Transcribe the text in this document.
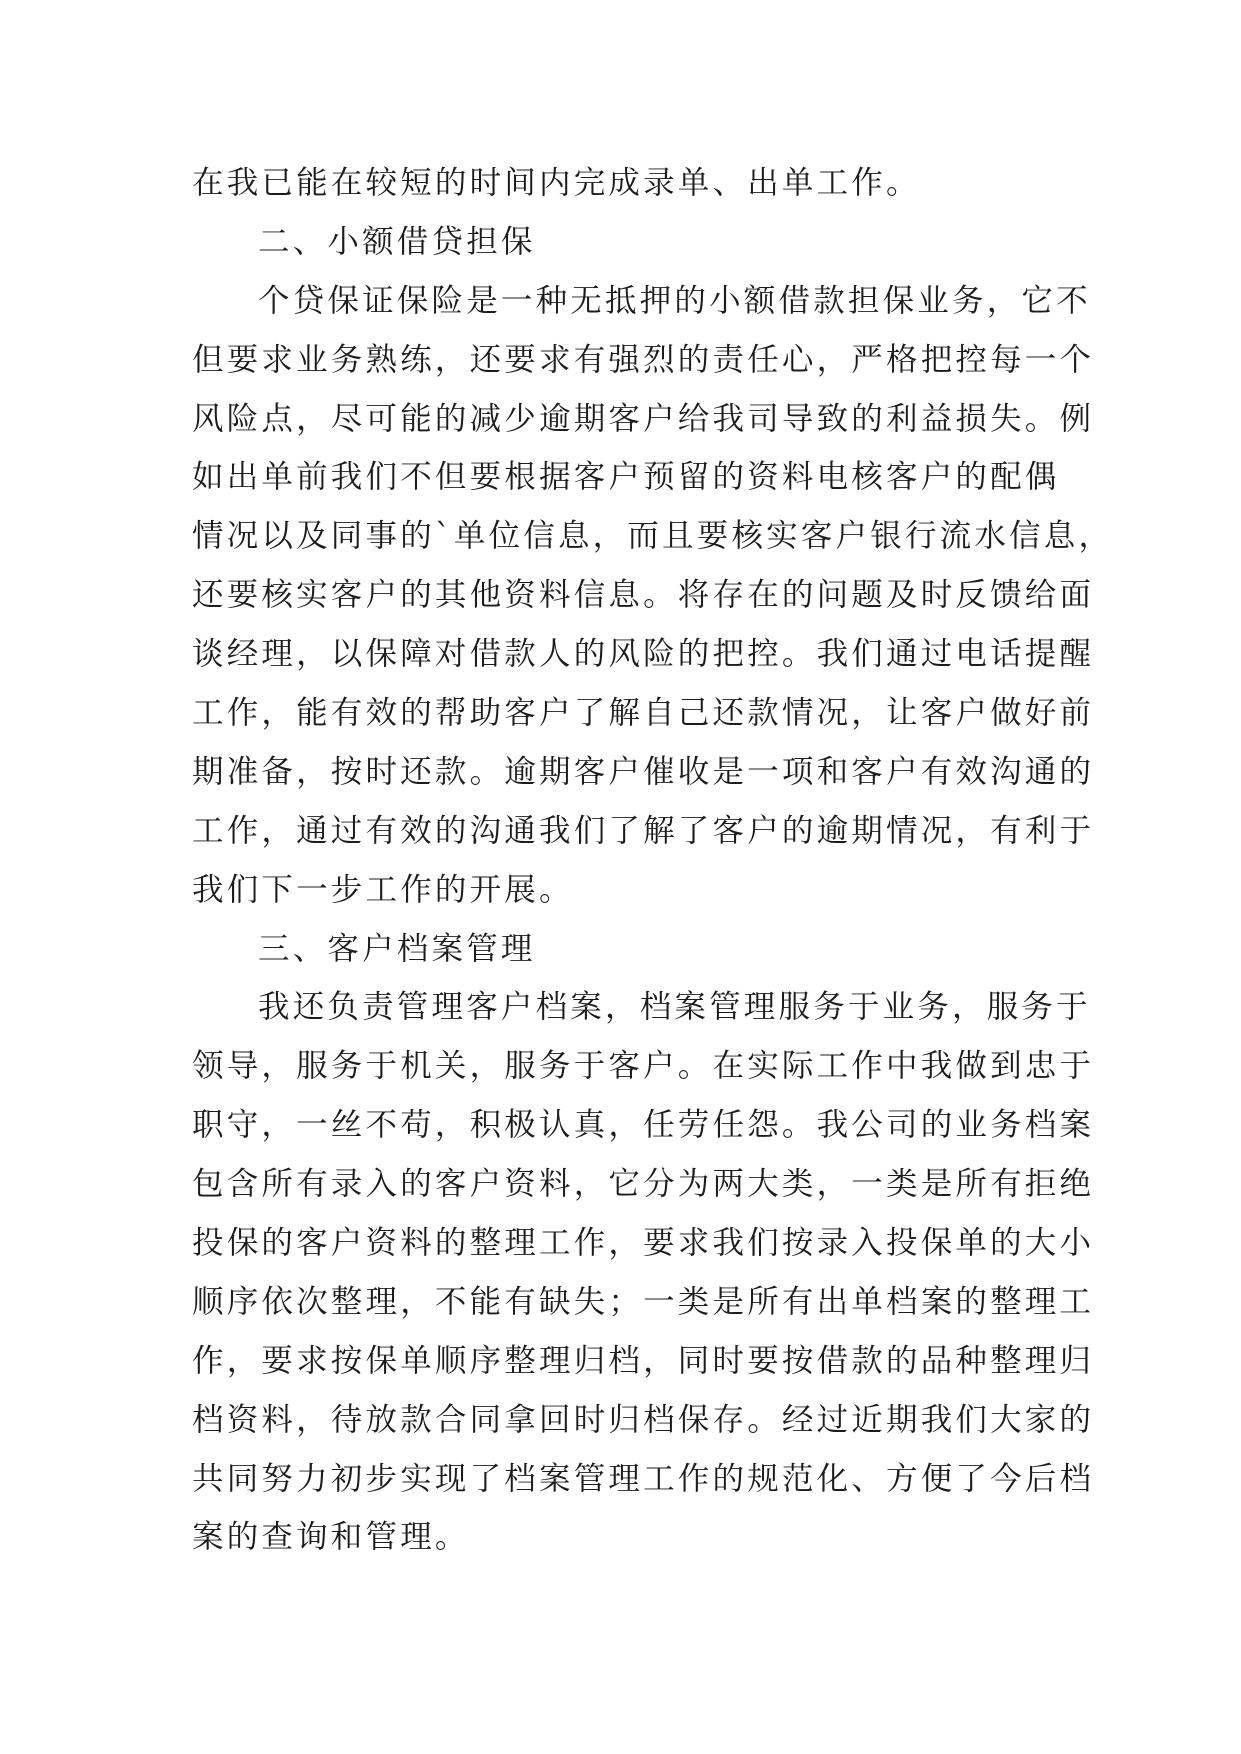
在我已能在较短的时间内完成录单、出单工作。
二、小额借贷担保
个贷保证保险是一种无抵押的小额借款担保业务，它不
但要求业务熟练，还要求有强烈的责任心，严格把控每一个
风险点，尽可能的减少逾期客户给我司导致的利益损失。例
如出单前我们不但要根据客户预留的资料电核客户的配偶
情况以及同事的`单位信息，而且要核实客户银行流水信息，
还要核实客户的其他资料信息。将存在的问题及时反馈给面
谈经理，以保障对借款人的风险的把控。我们通过电话提醒
工作，能有效的帮助客户了解自己还款情况，让客户做好前
期准备，按时还款。逾期客户催收是一项和客户有效沟通的
工作，通过有效的沟通我们了解了客户的逾期情况，有利于
我们下一步工作的开展。
三、客户档案管理
我还负责管理客户档案，档案管理服务于业务，服务于
领导，服务于机关，服务于客户。在实际工作中我做到忠于
职守，一丝不苟，积极认真，任劳任怨。我公司的业务档案
包含所有录入的客户资料，它分为两大类，一类是所有拒绝
投保的客户资料的整理工作，要求我们按录入投保单的大小
顺序依次整理，不能有缺失；一类是所有出单档案的整理工
作，要求按保单顺序整理归档，同时要按借款的品种整理归
档资料，待放款合同拿回时归档保存。经过近期我们大家的
共同努力初步实现了档案管理工作的规范化、方便了今后档
案的查询和管理。
